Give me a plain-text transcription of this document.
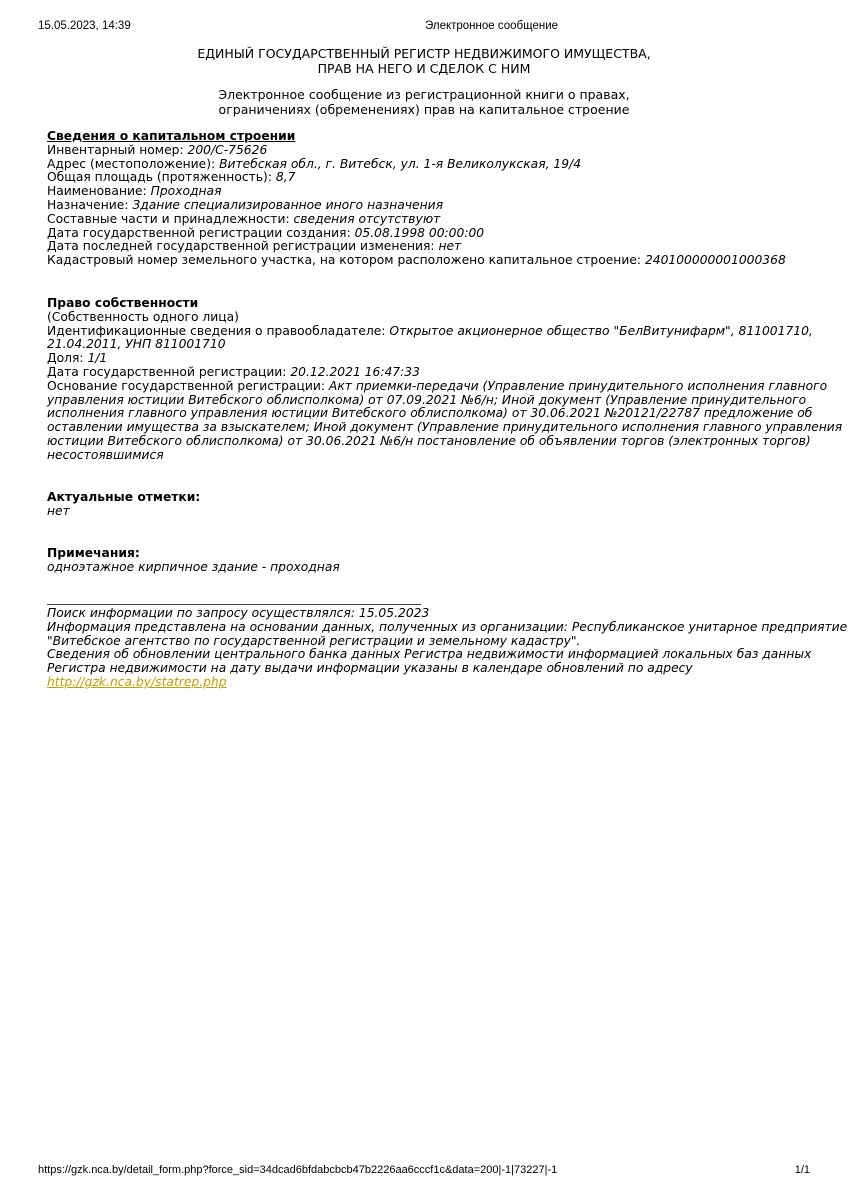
15.05.2023, 14:39	Электронное сообщение
ЕДИНЫЙ ГОСУДАРСТВЕННЫЙ РЕГИСТР НЕДВИЖИМОГО ИМУЩЕСТВА,
ПРАВ НА НЕГО И СДЕЛОК С НИМ
Электронное сообщение из регистрационной книги о правах,
ограничениях (обременениях) прав на капитальное строение
Сведения о капитальном строении
Инвентарный номер: 200/С-75626
Адрес (местоположение): Витебская обл., г. Витебск, ул. 1-я Великолукская, 19/4
Общая площадь (протяженность): 8,7
Наименование: Проходная
Назначение: Здание специализированное иного назначения
Составные части и принадлежности: сведения отсутствуют
Дата государственной регистрации создания: 05.08.1998 00:00:00
Дата последней государственной регистрации изменения: нет
Кадастровый номер земельного участка, на котором расположено капитальное строение: 240100000001000368
Право собственности
(Собственность одного лица)
Идентификационные сведения о правообладателе: Открытое акционерное общество "БелВитунифарм", 811001710,
21.04.2011, УНП 811001710
Доля: 1/1
Дата государственной регистрации: 20.12.2021 16:47:33
Основание государственной регистрации: Акт приемки-передачи (Управление принудительного исполнения главного
управления юстиции Витебского облисполкома) от 07.09.2021 №6/н; Иной документ (Управление принудительного
исполнения главного управления юстиции Витебского облисполкома) от 30.06.2021 №20121/22787 предложение об
оставлении имущества за взыскателем; Иной документ (Управление принудительного исполнения главного управления
юстиции Витебского облисполкома) от 30.06.2021 №6/н постановление об объявлении торгов (электронных торгов)
несостоявшимися
Актуальные отметки:
нет
Примечания:
одноэтажное кирпичное здание - проходная
Поиск информации по запросу осуществлялся: 15.05.2023
Информация представлена на основании данных, полученных из организации: Республиканское унитарное предприятие
"Витебское агентство по государственной регистрации и земельному кадастру".
Сведения об обновлении центрального банка данных Регистра недвижимости информацией локальных баз данных
Регистра недвижимости на дату выдачи информации указаны в календаре обновлений по адресу
http://gzk.nca.by/statrep.php
https://gzk.nca.by/detail_form.php?force_sid=34dcad6bfdabcbcb47b2226aa6cccf1c&data=200|-1|73227|-1	1/1
